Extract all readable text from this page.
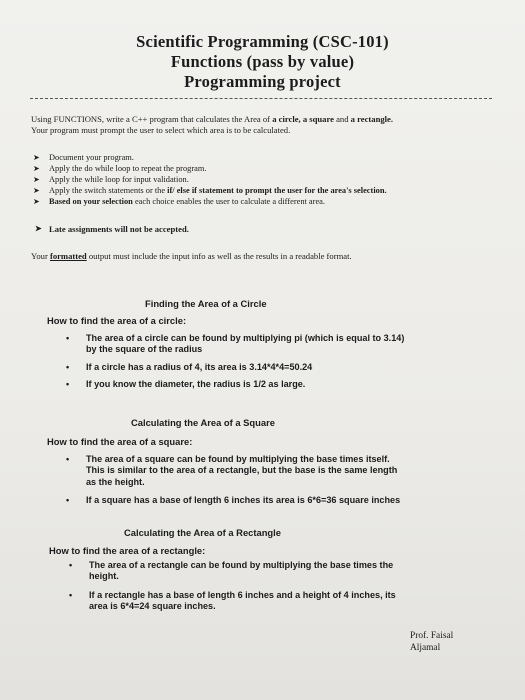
Scientific Programming (CSC-101)
Functions (pass by value)
Programming project
Using FUNCTIONS, write a C++ program that calculates the Area of a circle, a square and a rectangle.
Your program must prompt the user to select which area is to be calculated.
➤ Document your program.
➤ Apply the do while loop to repeat the program.
➤ Apply the while loop for input validation.
➤ Apply the switch statements or the if/ else if statement to prompt the user for the area's selection.
➤ Based on your selection each choice enables the user to calculate a different area.
➤ Late assignments will not be accepted.
Your formatted output must include the input info as well as the results in a readable format.
Finding the Area of a Circle
How to find the area of a circle:
• The area of a circle can be found by multiplying pi (which is equal to 3.14) by the square of the radius
• If a circle has a radius of 4, its area is 3.14*4*4=50.24
• If you know the diameter, the radius is 1/2 as large.
Calculating the Area of a Square
How to find the area of a square:
• The area of a square can be found by multiplying the base times itself. This is similar to the area of a rectangle, but the base is the same length as the height.
• If a square has a base of length 6 inches its area is 6*6=36 square inches
Calculating the Area of a Rectangle
How to find the area of a rectangle:
• The area of a rectangle can be found by multiplying the base times the height.
• If a rectangle has a base of length 6 inches and a height of 4 inches, its area is 6*4=24 square inches.
Prof. Faisal
Aljamal
